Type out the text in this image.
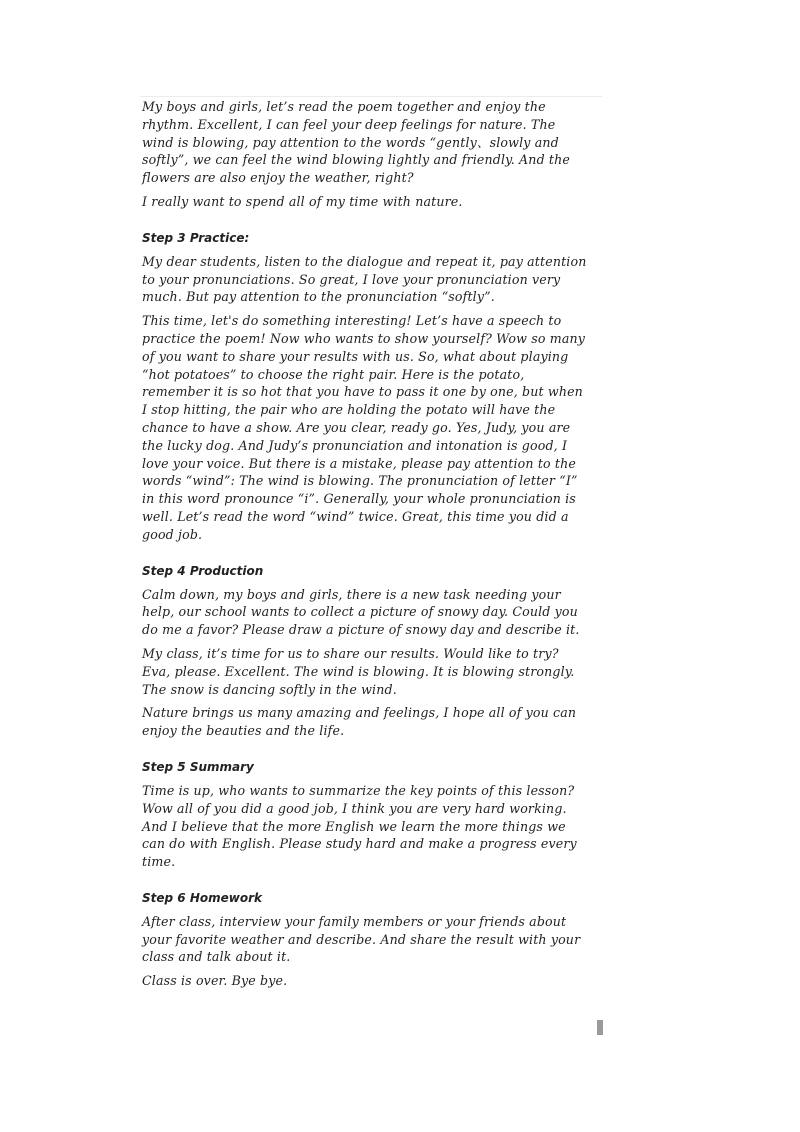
My boys and girls, let’s read the poem together and enjoy the rhythm. Excellent, I can feel your deep feelings for nature. The wind is blowing, pay attention to the words “gently、slowly and softly”, we can feel the wind blowing lightly and friendly. And the flowers are also enjoy the weather, right?

I really want to spend all of my time with nature.

Step 3 Practice:

My dear students, listen to the dialogue and repeat it, pay attention to your pronunciations. So great, I love your pronunciation very much. But pay attention to the pronunciation “softly”.

This time, let's do something interesting! Let’s have a speech to practice the poem! Now who wants to show yourself? Wow so many of you want to share your results with us. So, what about playing “hot potatoes” to choose the right pair. Here is the potato, remember it is so hot that you have to pass it one by one, but when I stop hitting, the pair who are holding the potato will have the chance to have a show. Are you clear, ready go. Yes, Judy, you are the lucky dog. And Judy’s pronunciation and intonation is good, I love your voice. But there is a mistake, please pay attention to the words “wind”: The wind is blowing. The pronunciation of letter “I” in this word pronounce “i”. Generally, your whole pronunciation is well. Let’s read the word “wind” twice. Great, this time you did a good job.

Step 4 Production

Calm down, my boys and girls, there is a new task needing your help, our school wants to collect a picture of snowy day. Could you do me a favor? Please draw a picture of snowy day and describe it.

My class, it’s time for us to share our results. Would like to try? Eva, please. Excellent. The wind is blowing. It is blowing strongly. The snow is dancing softly in the wind.

Nature brings us many amazing and feelings, I hope all of you can enjoy the beauties and the life.

Step 5 Summary

Time is up, who wants to summarize the key points of this lesson? Wow all of you did a good job, I think you are very hard working. And I believe that the more English we learn the more things we can do with English. Please study hard and make a progress every time.

Step 6 Homework

After class, interview your family members or your friends about your favorite weather and describe. And share the result with your class and talk about it.

Class is over. Bye bye.
